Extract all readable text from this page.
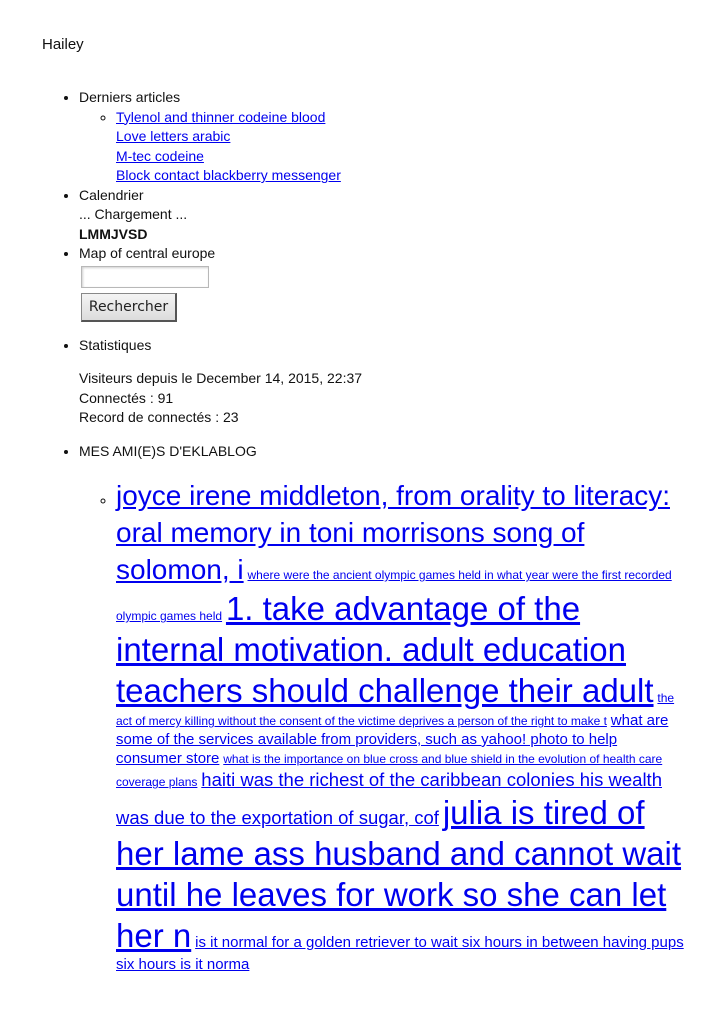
Hailey
• Derniers articles
◦ Tylenol and thinner codeine blood
Love letters arabic
M-tec codeine
Block contact blackberry messenger
• Calendrier
... Chargement ...
LMMJVSD
• Map of central europe
Rechercher
• Statistiques
Visiteurs depuis le December 14, 2015, 22:37
Connectés : 91
Record de connectés : 23
• MES AMI(E)S D'EKLABLOG
◦ joyce irene middleton, from orality to literacy: oral memory in toni morrisons song of solomon, i where were the ancient olympic games held in what year were the first recorded olympic games held 1. take advantage of the internal motivation. adult education teachers should challenge their adult the act of mercy killing without the consent of the victime deprives a person of the right to make t what are some of the services available from providers, such as yahoo! photo to help consumer store what is the importance on blue cross and blue shield in the evolution of health care coverage plans haiti was the richest of the caribbean colonies his wealth was due to the exportation of sugar, cof julia is tired of her lame ass husband and cannot wait until he leaves for work so she can let her n is it normal for a golden retriever to wait six hours in between having pups six hours is it norma
